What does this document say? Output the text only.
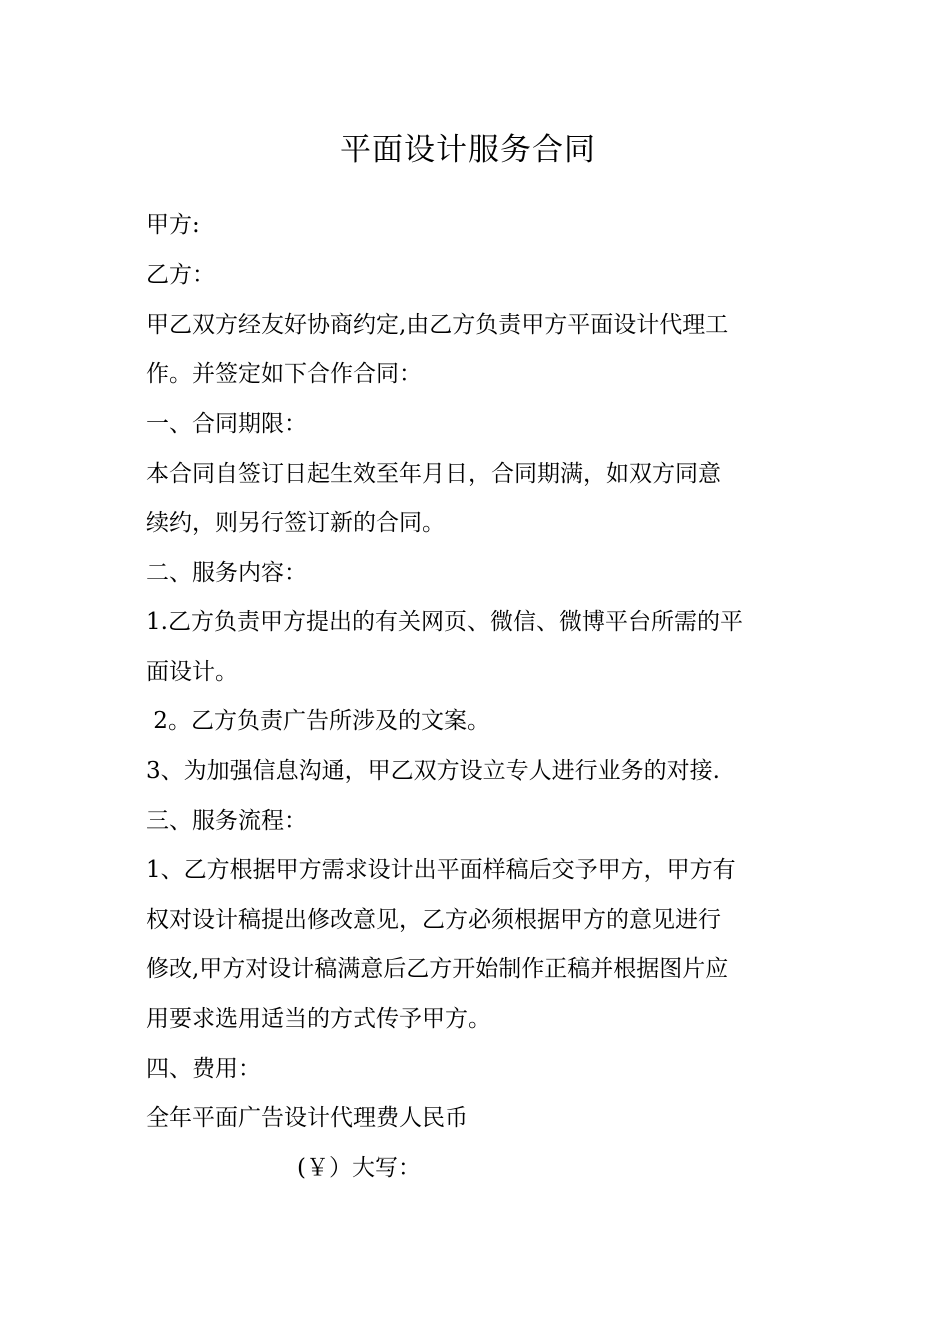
平面设计服务合同

甲方:

乙方：

甲乙双方经友好协商约定,由乙方负责甲方平面设计代理工

作。并签定如下合作合同：

一、合同期限：

本合同自签订日起生效至年月日，合同期满，如双方同意

续约，则另行签订新的合同。

二、服务内容：

1.乙方负责甲方提出的有关网页、微信、微博平台所需的平

面设计。

2。乙方负责广告所涉及的文案。

3、为加强信息沟通，甲乙双方设立专人进行业务的对接.

三、服务流程：

1、乙方根据甲方需求设计出平面样稿后交予甲方，甲方有

权对设计稿提出修改意见，乙方必须根据甲方的意见进行

修改,甲方对设计稿满意后乙方开始制作正稿并根据图片应

用要求选用适当的方式传予甲方。

四、费用：

全年平面广告设计代理费人民币

(￥）大写：
